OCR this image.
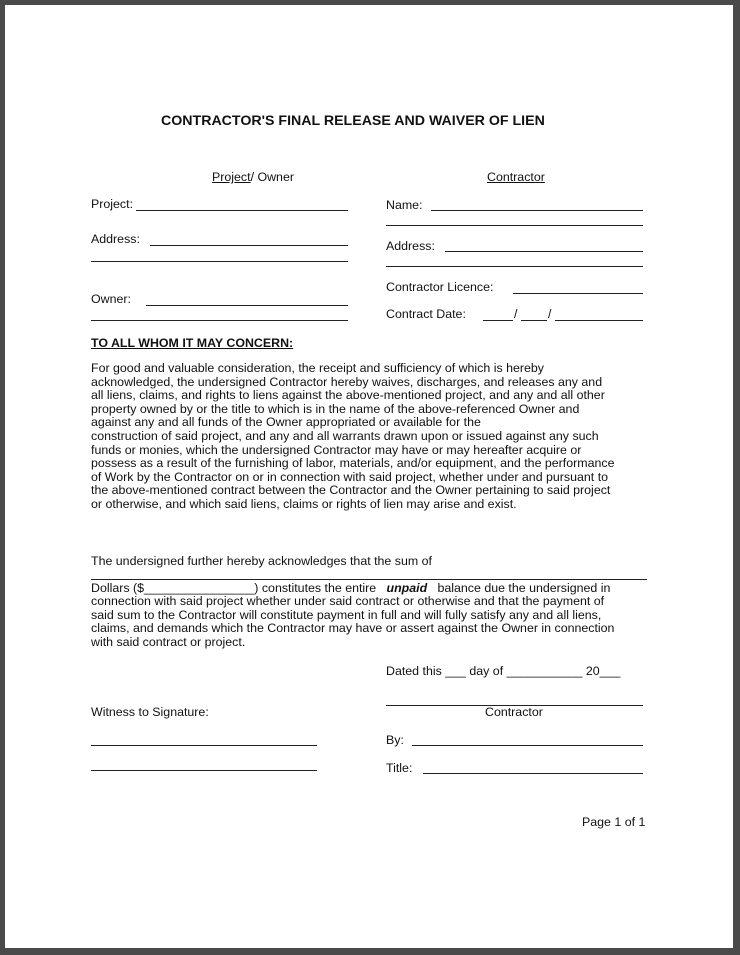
CONTRACTOR'S FINAL RELEASE AND WAIVER OF LIEN
Project/ Owner	Contractor
Project:
Address:
Owner:
Name:
Address:
Contractor Licence:
Contract Date:	/ /
TO ALL WHOM IT MAY CONCERN:
For good and valuable consideration, the receipt and sufficiency of which is hereby
acknowledged, the undersigned Contractor hereby waives, discharges, and releases any and
all liens, claims, and rights to liens against the above-mentioned project, and any and all other
property owned by or the title to which is in the name of the above-referenced Owner and
against any and all funds of the Owner appropriated or available for the
construction of said project, and any and all warrants drawn upon or issued against any such
funds or monies, which the undersigned Contractor may have or may hereafter acquire or
possess as a result of the furnishing of labor, materials, and/or equipment, and the performance
of Work by the Contractor on or in connection with said project, whether under and pursuant to
the above-mentioned contract between the Contractor and the Owner pertaining to said project
or otherwise, and which said liens, claims or rights of lien may arise and exist.
The undersigned further hereby acknowledges that the sum of
Dollars ($________________) constitutes the entire unpaid balance due the undersigned in
connection with said project whether under said contract or otherwise and that the payment of
said sum to the Contractor will constitute payment in full and will fully satisfy any and all liens,
claims, and demands which the Contractor may have or assert against the Owner in connection
with said contract or project.
Dated this ___ day of ___________ 20___
Contractor
Witness to Signature:
By:
Title:
Page 1 of 1
